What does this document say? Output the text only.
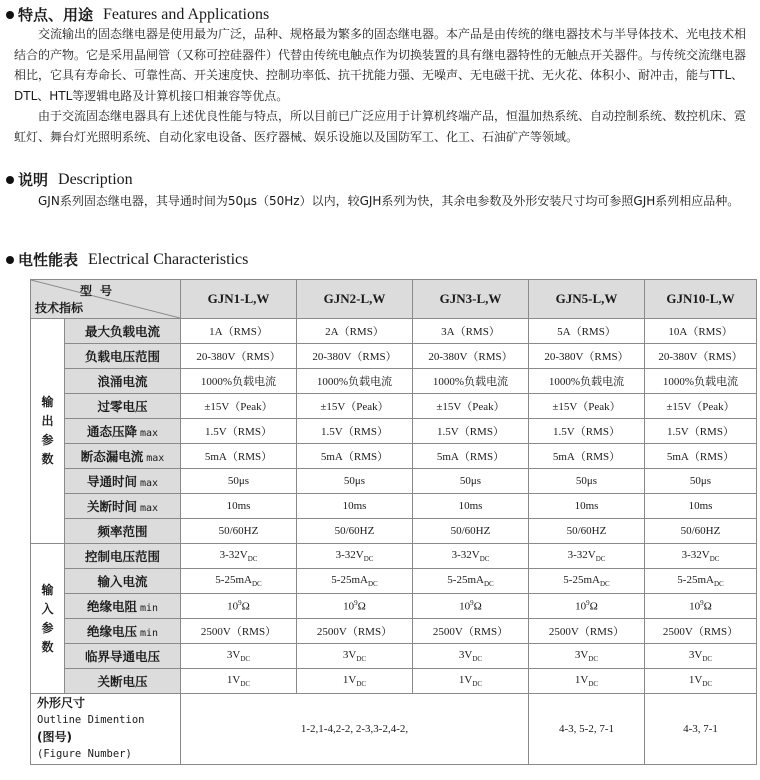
特点、用途 Features and Applications

交流输出的固态继电器是使用最为广泛，品种、规格最为繁多的固态继电器。本产品是由传统的继电器技术与半导体技术、光电技术相结合的产物。它是采用晶闸管（又称可控硅器件）代替由传统电触点作为切换装置的具有继电器特性的无触点开关器件。与传统交流继电器相比，它具有寿命长、可靠性高、开关速度快、控制功率低、抗干扰能力强、无噪声、无电磁干扰、无火花、体积小、耐冲击，能与TTL、DTL、HTL等逻辑电路及计算机接口相兼容等优点。

由于交流固态继电器具有上述优良性能与特点，所以目前已广泛应用于计算机终端产品，恒温加热系统、自动控制系统、数控机床、霓虹灯、舞台灯光照明系统、自动化家电设备、医疗器械、娱乐设施以及国防军工、化工、石油矿产等领域。

说明 Description

GJN系列固态继电器，其导通时间为50μs（50Hz）以内，较GJH系列为快，其余电参数及外形安装尺寸均可参照GJH系列相应品种。

电性能表 Electrical Characteristics
型号
技术指标		GJN1-L,W	GJN2-L,W	GJN3-L,W	GJN5-L,W	GJN10-L,W

输
出
参
数	最大负载电流	1A（RMS）	2A（RMS）	3A（RMS）	5A（RMS）	10A（RMS）
	负载电压范围	20-380V（RMS）	20-380V（RMS）	20-380V（RMS）	20-380V（RMS）	20-380V（RMS）
	浪涌电流	1000%负载电流	1000%负载电流	1000%负载电流	1000%负载电流	1000%负载电流
	过零电压	±15V（Peak）	±15V（Peak）	±15V（Peak）	±15V（Peak）	±15V（Peak）
	通态压降 max	1.5V（RMS）	1.5V（RMS）	1.5V（RMS）	1.5V（RMS）	1.5V（RMS）
	断态漏电流 max	5mA（RMS）	5mA（RMS）	5mA（RMS）	5mA（RMS）	5mA（RMS）
	导通时间 max	50μs	50μs	50μs	50μs	50μs
	关断时间 max	10ms	10ms	10ms	10ms	10ms
	频率范围	50/60HZ	50/60HZ	50/60HZ	50/60HZ	50/60HZ

输
入
参
数	控制电压范围	$3-32V_{DC}$	$3-32V_{DC}$	$3-32V_{DC}$	$3-32V_{DC}$	$3-32V_{DC}$
	输入电流	$5-25mA_{DC}$	$5-25mA_{DC}$	$5-25mA_{DC}$	$5-25mA_{DC}$	$5-25mA_{DC}$
	绝缘电阻 min	$10^9\Omega$	$10^9\Omega$	$10^9\Omega$	$10^9\Omega$	$10^9\Omega$
	绝缘电压 min	2500V（RMS）	2500V（RMS）	2500V（RMS）	2500V（RMS）	2500V（RMS）
	临界导通电压	$3V_{DC}$	$3V_{DC}$	$3V_{DC}$	$3V_{DC}$	$3V_{DC}$
	关断电压	$1V_{DC}$	$1V_{DC}$	$1V_{DC}$	$1V_{DC}$	$1V_{DC}$

外形尺寸
Outline Dimention
(图号)
(Figure Number)		1-2,1-4,2-2, 2-3,3-2,4-2,			4-3, 5-2, 7-1	4-3, 7-1
